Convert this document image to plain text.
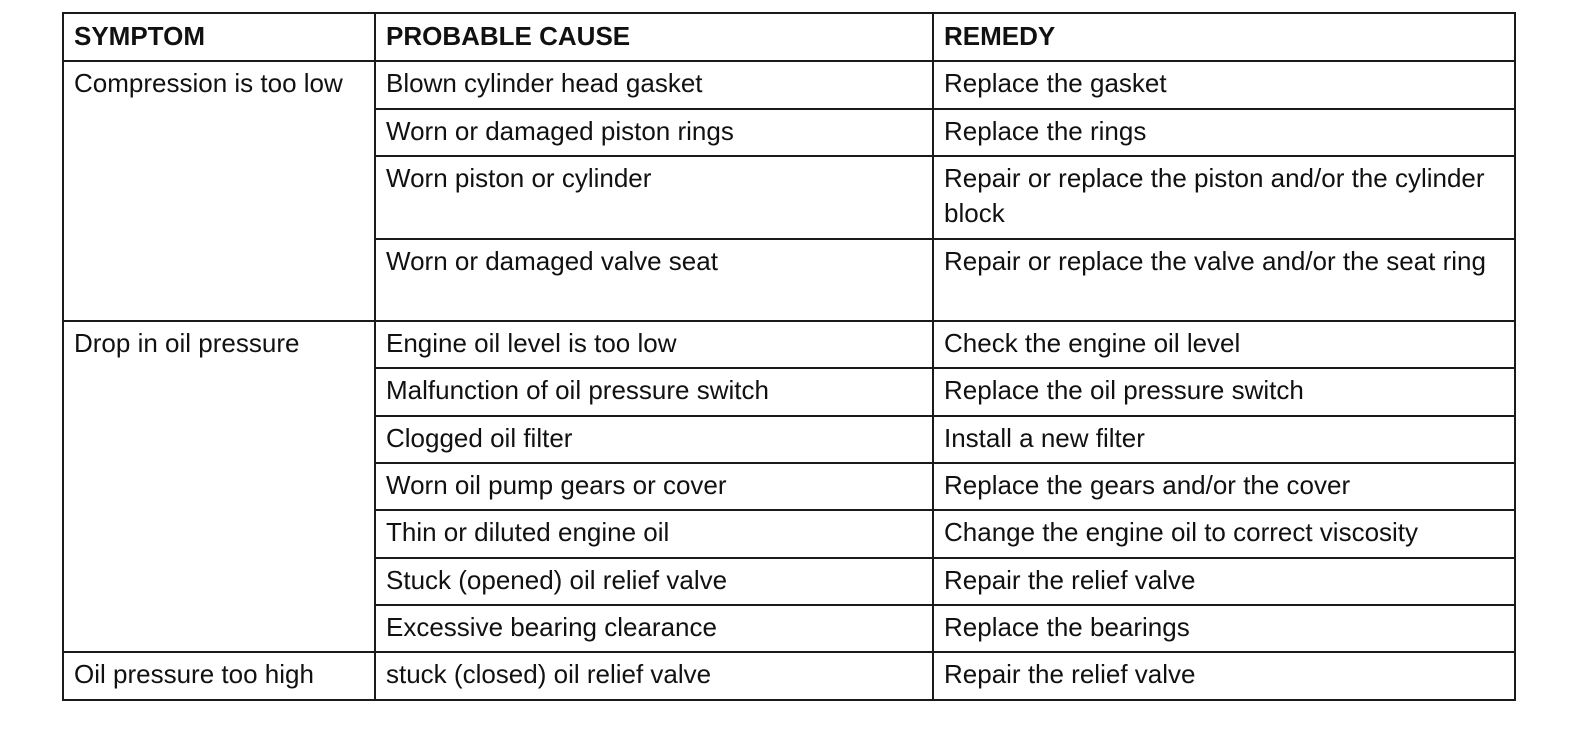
SYMPTOM	PROBABLE CAUSE	REMEDY
Compression is too low	Blown cylinder head gasket	Replace the gasket
	Worn or damaged piston rings	Replace the rings
	Worn piston or cylinder	Repair or replace the piston and/or the cylinder block
	Worn or damaged valve seat	Repair or replace the valve and/or the seat ring
Drop in oil pressure	Engine oil level is too low	Check the engine oil level
	Malfunction of oil pressure switch	Replace the oil pressure switch
	Clogged oil filter	Install a new filter
	Worn oil pump gears or cover	Replace the gears and/or the cover
	Thin or diluted engine oil	Change the engine oil to correct viscosity
	Stuck (opened) oil relief valve	Repair the relief valve
	Excessive bearing clearance	Replace the bearings
Oil pressure too high	stuck (closed) oil relief valve	Repair the relief valve
